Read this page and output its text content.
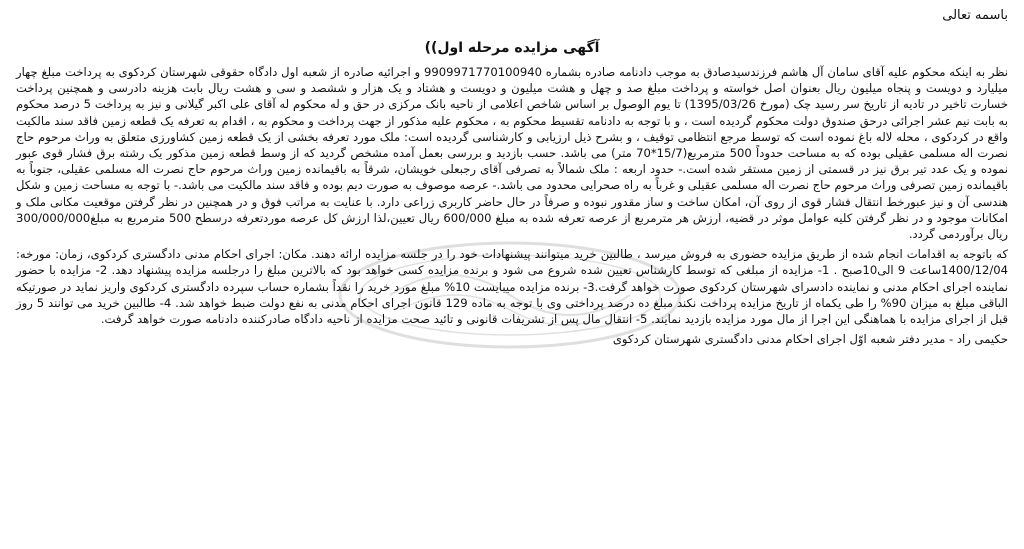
باسمه تعالی
آگهی مزایده مرحله اول))

نظر به اینکه محکوم علیه آقای سامان آل هاشم فرزندسیدصادق به موجب دادنامه صادره بشماره 9909971770100940 و اجرائیه صادره از شعبه اول دادگاه حقوقی شهرستان کردکوی به پرداخت مبلغ چهار میلیارد و دویست و پنجاه میلیون ریال بعنوان اصل خواسته و پرداخت مبلغ صد و چهل و هشت میلیون و دویست و هشتاد و یک هزار و ششصد و سی و هشت ریال بابت هزینه دادرسی و همچنین پرداخت خسارت تاخیر در تادیه از تاریخ سر رسید چک (مورخ 1395/03/26) تا یوم الوصول بر اساس شاخص اعلامی از ناحیه بانک مرکزی در حق و له محکوم له آقای علی اکبر گیلانی و نیز به پرداخت 5 درصد محکوم به بابت نیم عشر اجرائی درحق صندوق دولت محکوم گردیده است ، و با توجه به دادنامه تقسیط محکوم به ، محکوم علیه مذکور از جهت پرداخت و محکوم به ، اقدام به تعرفه یک قطعه زمین فاقد سند مالکیت واقع در کردکوی ، محله لاله باغ نموده است که توسط مرجع انتظامی توقیف ، و بشرح ذیل ارزیابی و کارشناسی گردیده است: ملک مورد تعرفه بخشی از یک قطعه زمین کشاورزی متعلق به وراث مرحوم حاج نصرت اله مسلمی عقیلی بوده که به مساحت حدوداً 500 مترمربع(15/7*70 متر) می باشد. حسب بازدید و بررسی بعمل آمده مشخص گردید که از وسط قطعه زمین مذکور یک رشته برق فشار قوی عبور نموده و یک عدد تیر برق نیز در قسمتی از زمین مستقر شده است.- حدود اربعه : ملک شمالاً به تصرفی آقای رجبعلی خویشان، شرقاً به باقیمانده زمین وراث مرحوم حاج نصرت اله مسلمی عقیلی، جنوباً به باقیمانده زمین تصرفی وراث مرحوم حاج نصرت اله مسلمی عقیلی و غرباً به راه صحرایی محدود می باشد.- عرصه موصوف به صورت دیم بوده و فاقد سند مالکیت می باشد.- با توجه به مساحت زمین و شکل هندسی آن و نیز عبورخط انتقال فشار قوی از روی آن، امکان ساخت و ساز مقدور نبوده و صرفاً در حال حاضر کاربری زراعی دارد. با عنایت به مراتب فوق و در همچنین در نظر گرفتن موقعیت مکانی ملک و امکانات موجود و در نظر گرفتن کلیه عوامل موثر در قضیه، ارزش هر مترمربع از عرصه تعرفه شده به مبلغ 600/000 ریال تعیین،لذا ارزش کل عرصه موردتعرفه درسطح 500 مترمربع به مبلغ300/000/000 ریال برآوردمی گردد.

که باتوجه به اقدامات انجام شده از طریق مزایده حضوری به فروش میرسد ، طالبین خرید میتوانند پیشنهادات خود را در جلسه مزایده ارائه دهند. مکان: اجرای احکام مدنی دادگستری کردکوی، زمان: مورخه: 1400/12/04ساعت 9 الی10صبح . 1- مزایده از مبلغی که توسط کارشناس تعیین شده شروع می شود و برنده مزایده کسی خواهد بود که بالاترین مبلغ را درجلسه مزایده پیشنهاد دهد. 2- مزایده با حضور نماینده اجرای احکام مدنی و نماینده دادسرای شهرستان کردکوی صورت خواهد گرفت.3- برنده مزایده میبایست 10% مبلغ مورد خرید را نقداً بشماره حساب سپرده دادگستری کردکوی واریز نماید در صورتیکه الباقی مبلغ به میزان 90% را طی یکماه از تاریخ مزایده پرداخت نکند مبلغ ده درصد پرداختی وی با توجه به ماده 129 قانون اجرای احکام مدنی به نفع دولت ضبط خواهد شد. 4- طالبین خرید می توانند 5 روز قبل از اجرای مزایده با هماهنگی این اجرا از مال مورد مزایده بازدید نمایند. 5- انتقال مال پس از تشریفات قانونی و تائید صحت مزایده از ناحیه دادگاه صادرکننده دادنامه صورت خواهد گرفت.

حکیمی راد - مدیر دفتر شعبه اوّل اجرای احکام مدنی دادگستری شهرستان کردکوی
